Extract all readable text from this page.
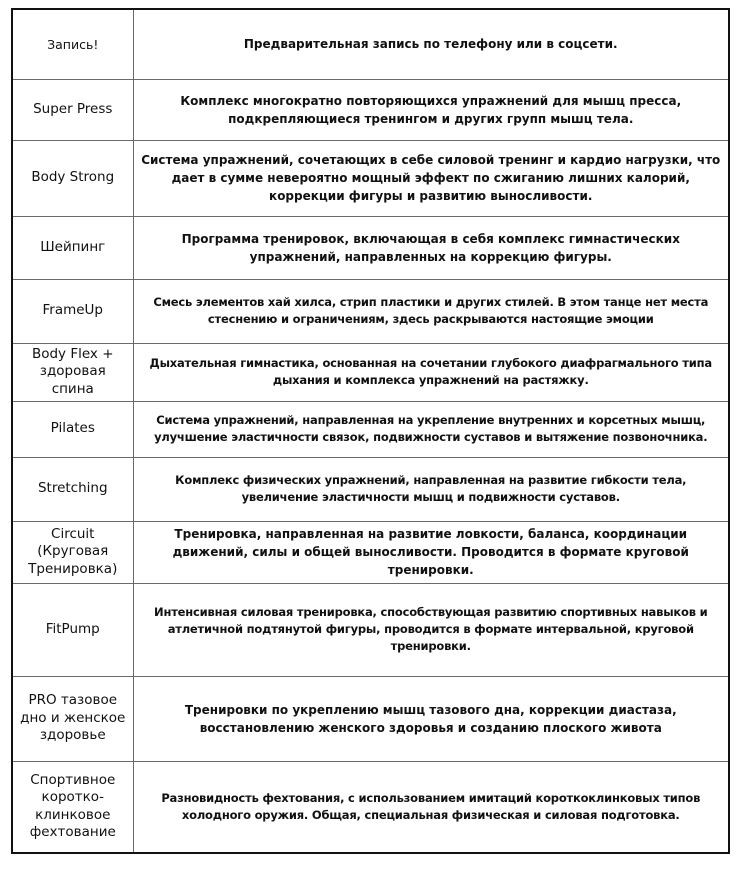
Запись!	Предварительная запись по телефону или в соцсети.
Super Press	Комплекс многократно повторяющихся упражнений для мышц пресса, подкрепляющиеся тренингом и других групп мышц тела.
Body Strong	Система упражнений, сочетающих в себе силовой тренинг и кардио нагрузки, что дает в сумме невероятно мощный эффект по сжиганию лишних калорий, коррекции фигуры и развитию выносливости.
Шейпинг	Программа тренировок, включающая в себя комплекс гимнастических упражнений, направленных на коррекцию фигуры.
FrameUp	Смесь элементов хай хилса, стрип пластики и других стилей. В этом танце нет места стеснению и ограничениям, здесь раскрываются настоящие эмоции
Body Flex + здоровая спина	Дыхательная гимнастика, основанная на сочетании глубокого диафрагмального типа дыхания и комплекса упражнений на растяжку.
Pilates	Система упражнений, направленная на укрепление внутренних и корсетных мышц, улучшение эластичности связок, подвижности суставов и вытяжение позвоночника.
Stretching	Комплекс физических упражнений, направленная на развитие гибкости тела, увеличение эластичности мышц и подвижности суставов.
Circuit (Круговая Тренировка)	Тренировка, направленная на развитие ловкости, баланса, координации движений, силы и общей выносливости. Проводится в формате круговой тренировки.
FitPump	Интенсивная силовая тренировка, способствующая развитию спортивных навыков и атлетичной подтянутой фигуры, проводится в формате интервальной, круговой тренировки.
PRO тазовое дно и женское здоровье	Тренировки по укреплению мышц тазового дна, коррекции диастаза, восстановлению женского здоровья и созданию плоского живота
Спортивное коротко-клинковое фехтование	Разновидность фехтования, с использованием имитаций короткоклинковых типов холодного оружия. Общая, специальная физическая и силовая подготовка.
